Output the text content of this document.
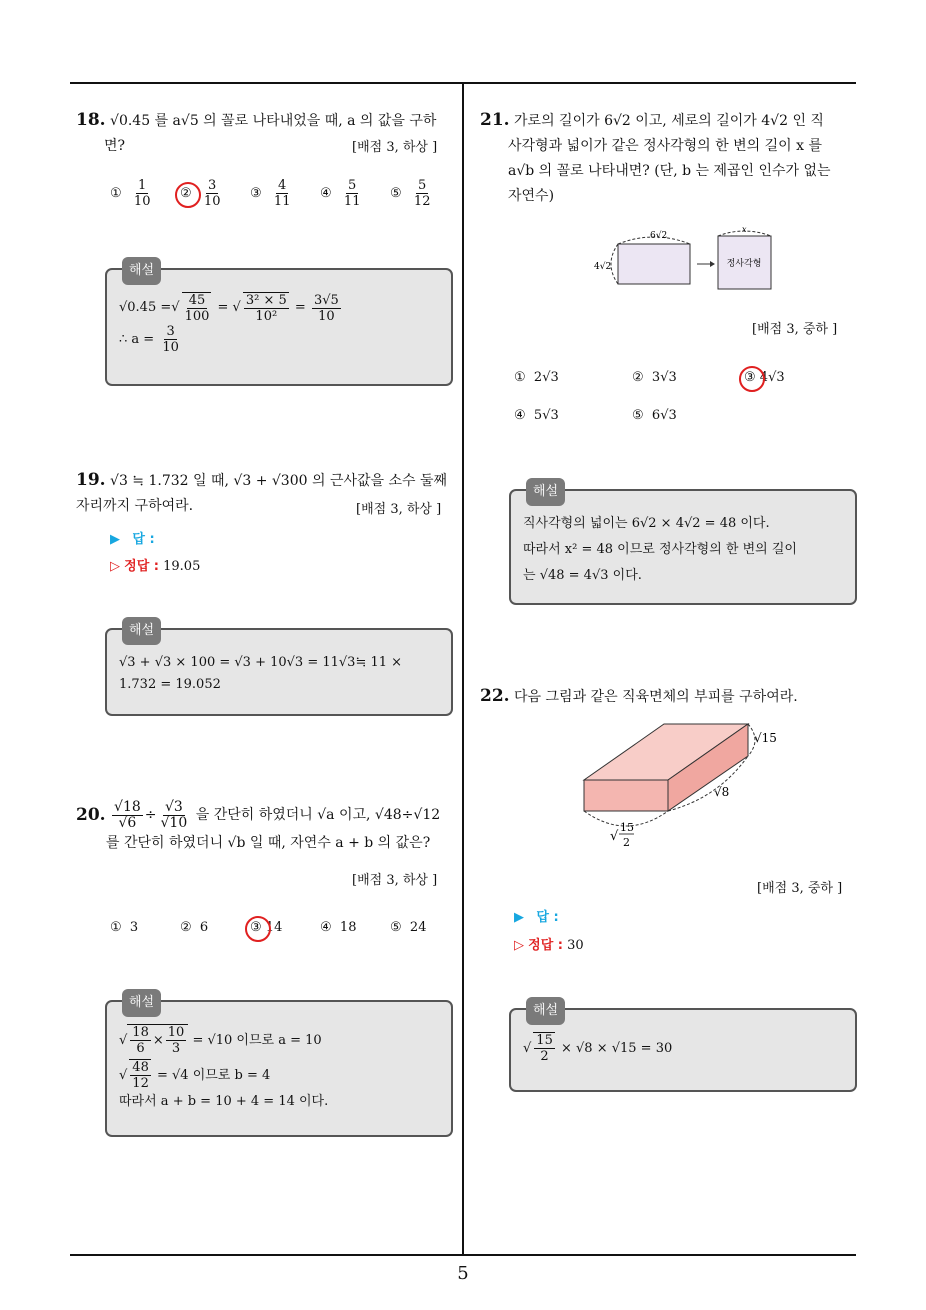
18. √0.45 를 a√5 의 꼴로 나타내었을 때, a 의 값을 구하
면?	[배점 3, 하상 ]
①
$\frac{1}{10}$ ②
$\frac{3}{10}$ ③
$\frac{4}{11}$ ④
$\frac{5}{11}$ ⑤
$\frac{5}{12}$
해설
√0.45 = √ $\frac{45}{100}$ = √ $\frac{\text{3² × 5}}{\text{10²}} = \frac{3√5}{10}$
∴ a =
$\frac{3}{10}$
19. √3 ≒ 1.732 일 때, √3 + √300 의 근사값을 소수 둘째
자리까지 구하여라.	[배점 3, 하상 ]
▶ 답 :
▷ 정답 : 19.05
해설
√3 + √3 × 100 = √3 + 10√3 = 11√3≒ 11 ×
1.732 = 19.052
20.
$\frac{√18}{√6} \div \frac{√3}{√10}$
을 간단히 하였더니 √a 이고, √48÷√12
를 간단히 하였더니 √b 일 때, 자연수 a + b 의 값은?
[배점 3, 하상 ]
①
3	②
6	③
14	④
18	⑤
24
해설
√ $\frac{18}{6} \times \frac{10}{3}$
= √10 이므로 a = 10
√ $\frac{48}{12}$
= √4 이므로 b = 4
따라서 a + b = 10 + 4 = 14 이다.
21. 가로의 길이가 6√2 이고, 세로의 길이가 4√2 인 직
사각형과 넓이가 같은 정사각형의 한 변의 길이 x 를
a√b 의 꼴로 나타내면? (단, b 는 제곱인 인수가 없는
자연수)
6√2
4√2
x
정사각형
[배점 3, 중하 ]
①
2√3	②
3√3	③
4√3
④
5√3	⑤
6√3
해설
직사각형의 넓이는 6√2 × 4√2 = 48 이다.
따라서 x² = 48 이므로 정사각형의 한 변의 길이
는 √48 = 4√3 이다.
22. 다음 그림과 같은 직육면체의 부피를 구하여라.
√15
√8
√
15
2
[배점 3, 중하 ]
▶ 답 :
▷ 정답 : 30
해설
√ $\frac{15}{2}$
× √8 × √15 = 30
5
